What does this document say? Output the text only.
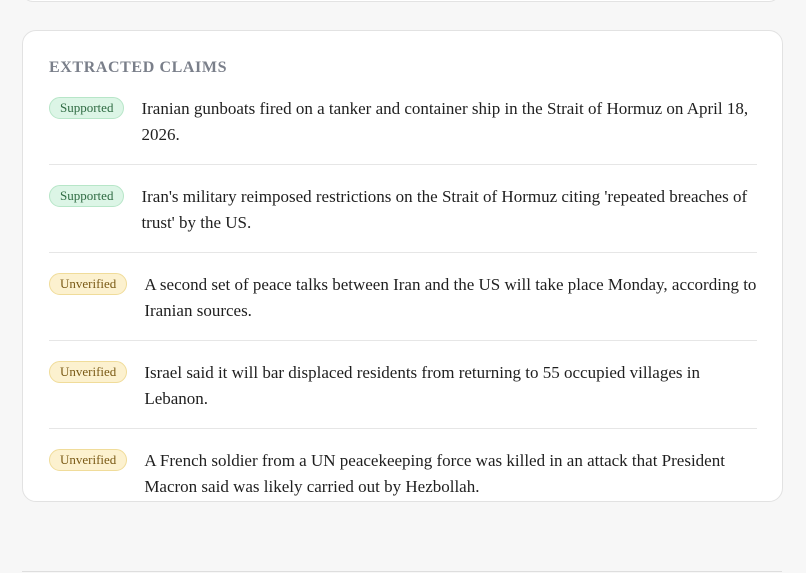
EXTRACTED CLAIMS
Supported	Iranian gunboats fired on a tanker and container ship in the Strait of Hormuz on April 18, 2026.
Supported	Iran's military reimposed restrictions on the Strait of Hormuz citing 'repeated breaches of trust' by the US.
Unverified	A second set of peace talks between Iran and the US will take place Monday, according to Iranian sources.
Unverified	Israel said it will bar displaced residents from returning to 55 occupied villages in Lebanon.
Unverified	A French soldier from a UN peacekeeping force was killed in an attack that President Macron said was likely carried out by Hezbollah.
